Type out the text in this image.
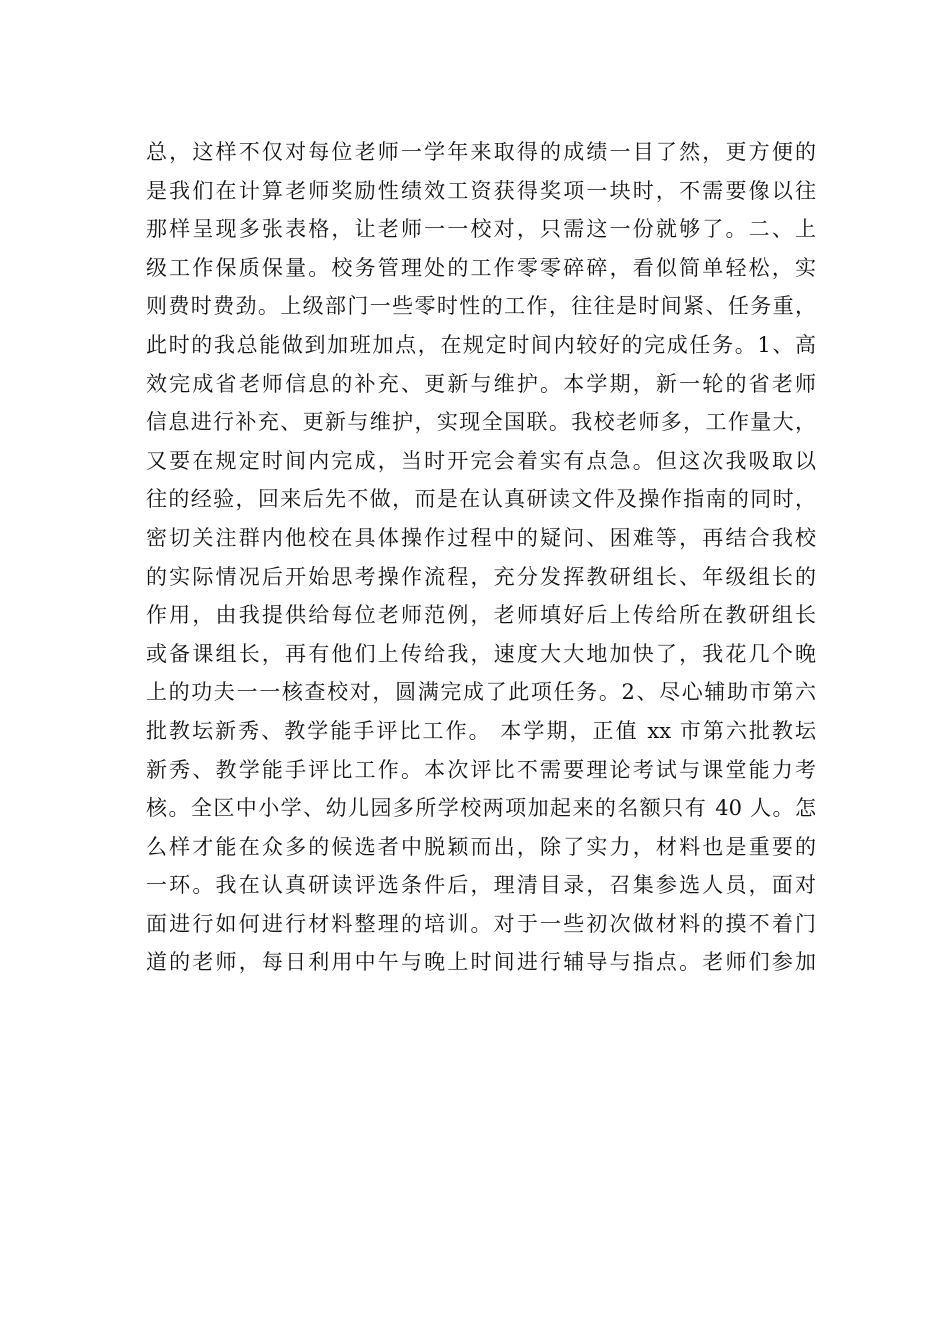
总，这样不仅对每位老师一学年来取得的成绩一目了然，更方便的
是我们在计算老师奖励性绩效工资获得奖项一块时，不需要像以往
那样呈现多张表格，让老师一一校对，只需这一份就够了。二、上
级工作保质保量。校务管理处的工作零零碎碎，看似简单轻松，实
则费时费劲。上级部门一些零时性的工作，往往是时间紧、任务重，
此时的我总能做到加班加点，在规定时间内较好的完成任务。1、高
效完成省老师信息的补充、更新与维护。本学期，新一轮的省老师
信息进行补充、更新与维护，实现全国联。我校老师多，工作量大，
又要在规定时间内完成，当时开完会着实有点急。但这次我吸取以
往的经验，回来后先不做，而是在认真研读文件及操作指南的同时，
密切关注群内他校在具体操作过程中的疑问、困难等，再结合我校
的实际情况后开始思考操作流程，充分发挥教研组长、年级组长的
作用，由我提供给每位老师范例，老师填好后上传给所在教研组长
或备课组长，再有他们上传给我，速度大大地加快了，我花几个晚
上的功夫一一核查校对，圆满完成了此项任务。2、尽心辅助市第六
批教坛新秀、教学能手评比工作。 本学期，正值 xx 市第六批教坛
新秀、教学能手评比工作。本次评比不需要理论考试与课堂能力考
核。全区中小学、幼儿园多所学校两项加起来的名额只有 40 人。怎
么样才能在众多的候选者中脱颖而出，除了实力，材料也是重要的
一环。我在认真研读评选条件后，理清目录，召集参选人员，面对
面进行如何进行材料整理的培训。对于一些初次做材料的摸不着门
道的老师，每日利用中午与晚上时间进行辅导与指点。老师们参加
